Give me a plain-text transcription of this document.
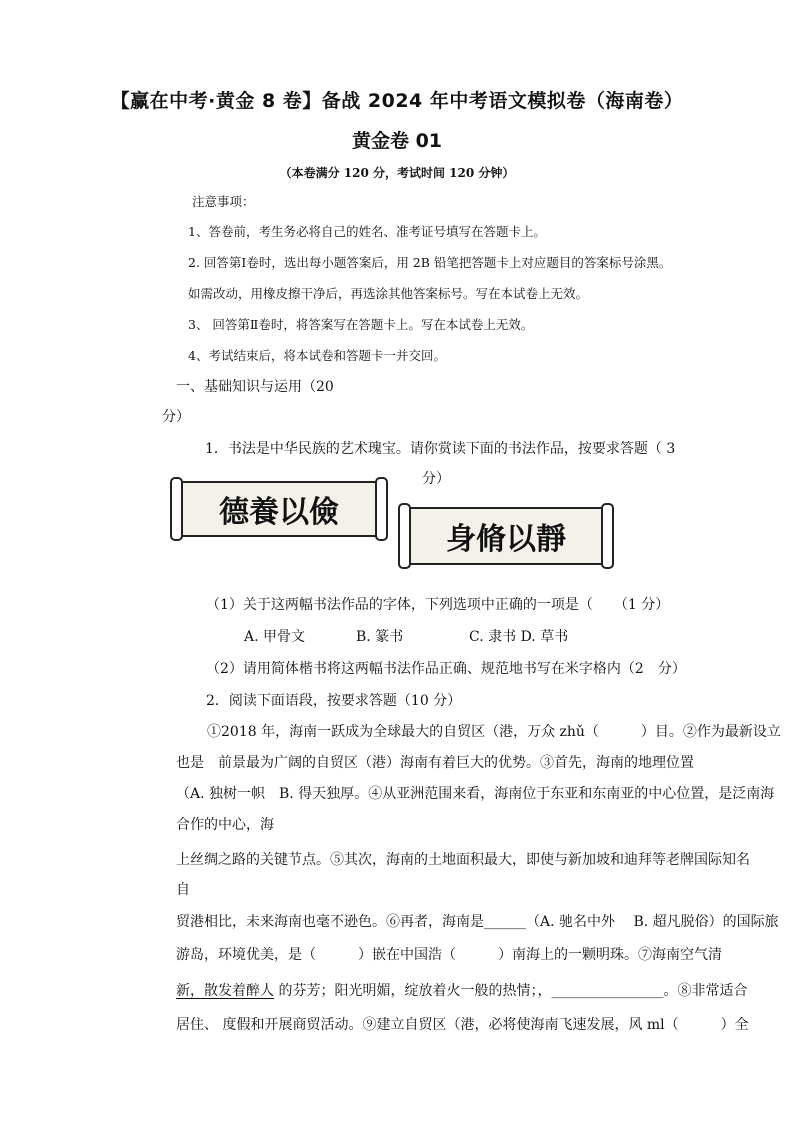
【赢在中考·黄金 8 卷】备战 2024 年中考语文模拟卷（海南卷）
黄金卷 01
（本卷满分 120 分，考试时间 120 分钟）
注意事项：
1、答卷前，考生务必将自己的姓名、准考证号填写在答题卡上。
2. 回答第Ⅰ卷时，选出每小题答案后，用 2B 铅笔把答题卡上对应题目的答案标号涂黑。
如需改动，用橡皮擦干净后，再选涂其他答案标号。写在本试卷上无效。
3、 回答第Ⅱ卷时，将答案写在答题卡上。写在本试卷上无效。
4、考试结束后，将本试卷和答题卡一并交回。
一、基础知识与运用（20
分）
1．书法是中华民族的艺术瑰宝。请你赏读下面的书法作品，按要求答题（ 3
分）
德養以儉
身脩以靜
（1）关于这两幅书法作品的字体，下列选项中正确的一项是（　　（1 分）
A. 甲骨文	B. 篆书	C. 隶书 D. 草书
（2）请用简体楷书将这两幅书法作品正确、规范地书写在米字格内（2　分）
2．阅读下面语段，按要求答题（10 分）
①2018 年，海南一跃成为全球最大的自贸区（港，万众 zhǔ（　　　）目。②作为最新设立
也是　前景最为广阔的自贸区（港）海南有着巨大的优势。③首先，海南的地理位置
（A. 独树一帜　B. 得天独厚。④从亚洲范围来看，海南位于东亚和东南亚的中心位置，是泛南海
合作的中心，海
上丝绸之路的关键节点。⑤其次，海南的土地面积最大，即使与新加坡和迪拜等老牌国际知名
自
贸港相比，未来海南也毫不逊色。⑥再者，海南是______（A. 驰名中外　 B. 超凡脱俗）的国际旅
游岛，环境优美，是（　　　）嵌在中国浩（　　　）南海上的一颗明珠。⑦海南空气清
新，散发着醉人 的芬芳；阳光明媚，绽放着火一般的热情；，________________。⑧非常适合
居住、 度假和开展商贸活动。⑨建立自贸区（港，必将使海南飞速发展，风 ml（　　　）全
